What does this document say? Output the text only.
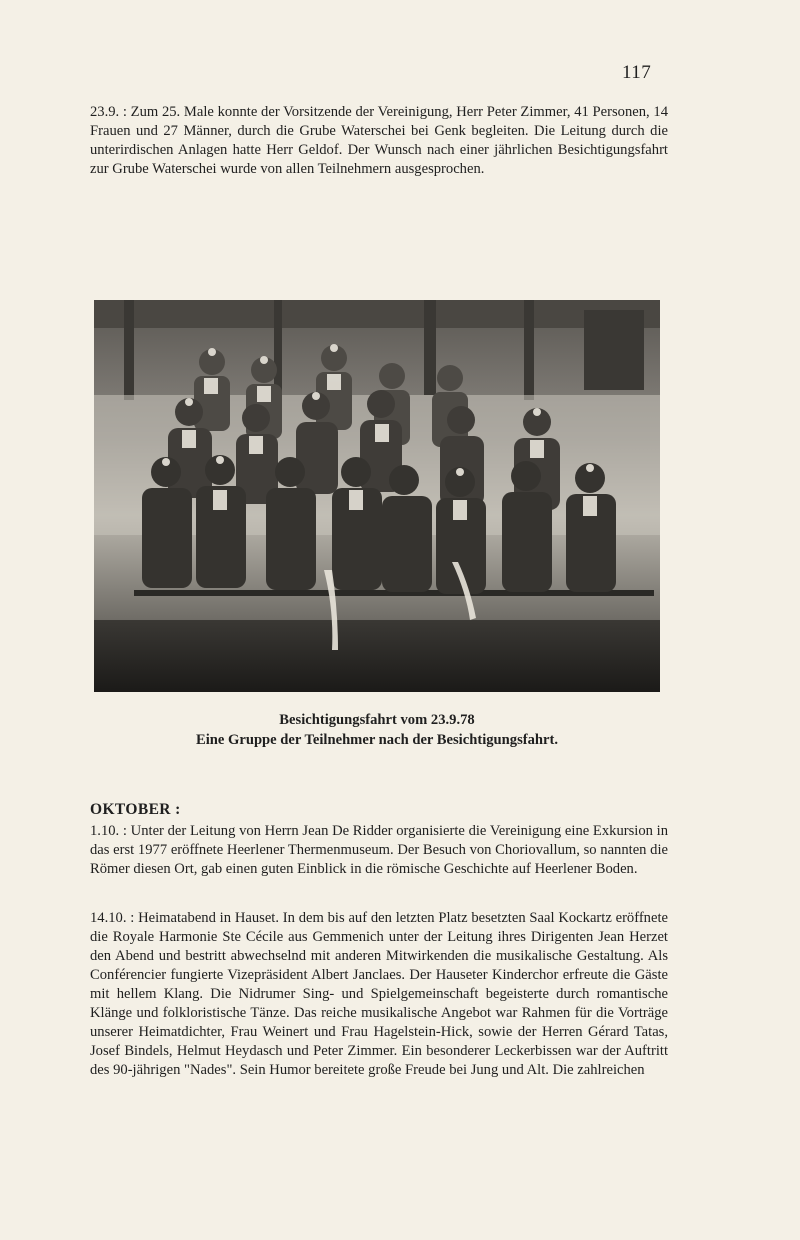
117

23.9. : Zum 25. Male konnte der Vorsitzende der Vereinigung, Herr Peter Zimmer, 41 Personen, 14 Frauen und 27 Männer, durch die Grube Waterschei bei Genk begleiten. Die Leitung durch die unterirdischen Anlagen hatte Herr Geldof. Der Wunsch nach einer jährlichen Besichtigungsfahrt zur Grube Waterschei wurde von allen Teilnehmern ausgesprochen.

Besichtigungsfahrt vom 23.9.78
Eine Gruppe der Teilnehmer nach der Besichtigungsfahrt.
OKTOBER :

1.10. : Unter der Leitung von Herrn Jean De Ridder organisierte die Vereinigung eine Exkursion in das erst 1977 eröffnete Heerlener Thermenmuseum. Der Besuch von Choriovallum, so nannten die Römer diesen Ort, gab einen guten Einblick in die römische Geschichte auf Heerlener Boden.

14.10. : Heimatabend in Hauset. In dem bis auf den letzten Platz besetzten Saal Kockartz eröffnete die Royale Harmonie Ste Cécile aus Gemmenich unter der Leitung ihres Dirigenten Jean Herzet den Abend und bestritt abwechselnd mit anderen Mitwirkenden die musikalische Gestaltung. Als Conférencier fungierte Vizepräsident Albert Janclaes. Der Hauseter Kinderchor erfreute die Gäste mit hellem Klang. Die Nidrumer Sing- und Spielgemeinschaft begeisterte durch romantische Klänge und folkloristische Tänze. Das reiche musikalische Angebot war Rahmen für die Vorträge unserer Heimatdichter, Frau Weinert und Frau Hagelstein-Hick, sowie der Herren Gérard Tatas, Josef Bindels, Helmut Heydasch und Peter Zimmer. Ein besonderer Leckerbissen war der Auftritt des 90-jährigen "Nades". Sein Humor bereitete große Freude bei Jung und Alt. Die zahlreichen
